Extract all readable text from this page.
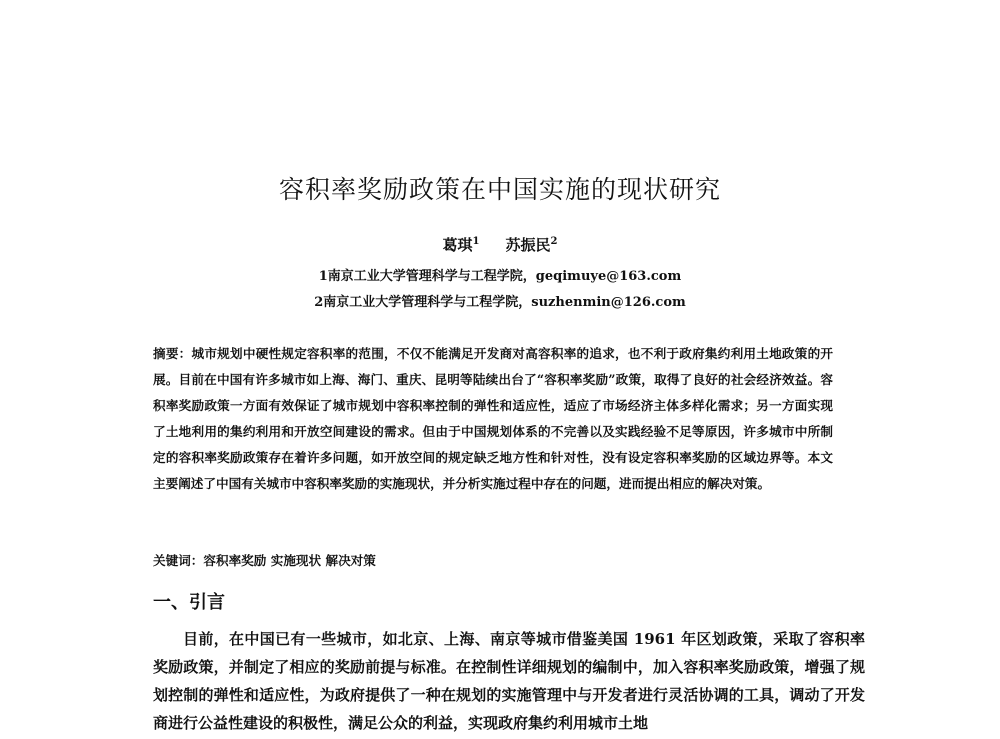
容积率奖励政策在中国实施的现状研究
葛琪$^1$ 苏振民$^2$
1南京工业大学管理科学与工程学院，geqimuye@163.com
2南京工业大学管理科学与工程学院，suzhenmin@126.com
摘要：城市规划中硬性规定容积率的范围，不仅不能满足开发商对高容积率的追求，也不利于政府集约利用土地政策的开展。目前在中国有许多城市如上海、海门、重庆、昆明等陆续出台了“容积率奖励”政策，取得了良好的社会经济效益。容积率奖励政策一方面有效保证了城市规划中容积率控制的弹性和适应性，适应了市场经济主体多样化需求；另一方面实现了土地利用的集约利用和开放空间建设的需求。但由于中国规划体系的不完善以及实践经验不足等原因，许多城市中所制定的容积率奖励政策存在着许多问题，如开放空间的规定缺乏地方性和针对性，没有设定容积率奖励的区域边界等。本文主要阐述了中国有关城市中容积率奖励的实施现状，并分析实施过程中存在的问题，进而提出相应的解决对策。
关键词：容积率奖励 实施现状 解决对策
一、引言
目前，在中国已有一些城市，如北京、上海、南京等城市借鉴美国 1961 年区划政策，采取了容积率奖励政策，并制定了相应的奖励前提与标准。在控制性详细规划的编制中，加入容积率奖励政策，增强了规划控制的弹性和适应性，为政府提供了一种在规划的实施管理中与开发者进行灵活协调的工具，调动了开发商进行公益性建设的积极性，满足公众的利益，实现政府集约利用城市土地
